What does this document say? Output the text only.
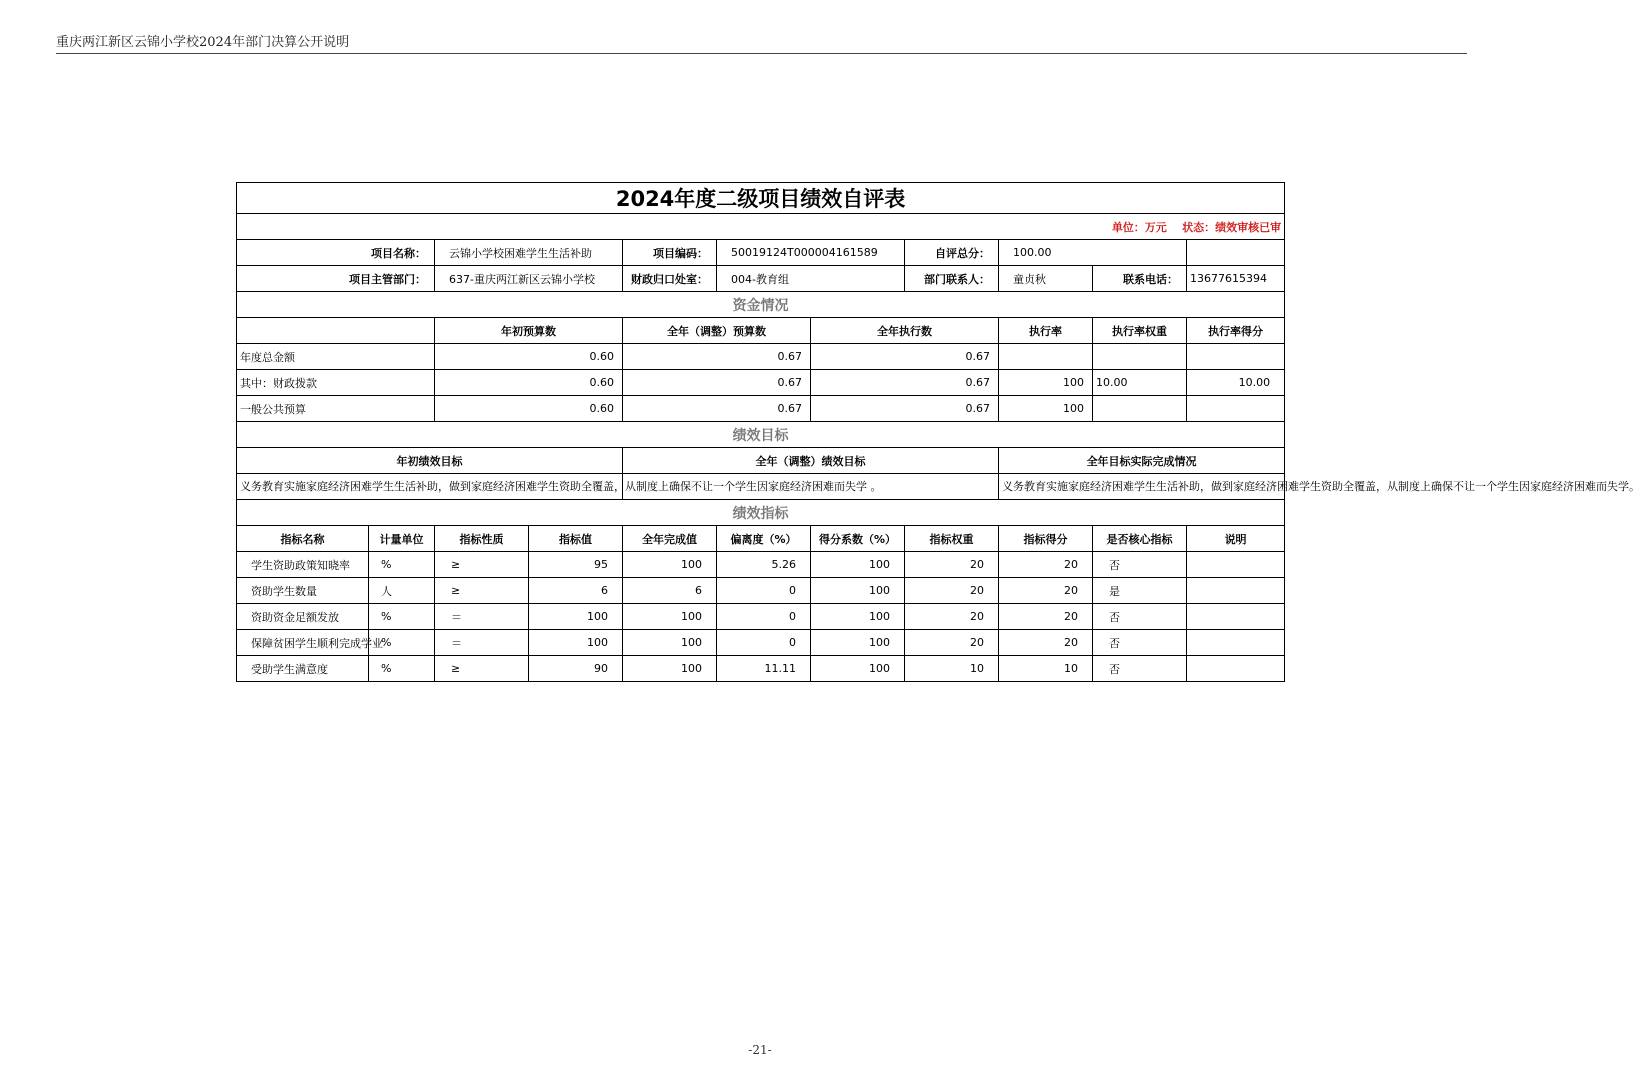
重庆两江新区云锦小学校2024年部门决算公开说明
2024年度二级项目绩效自评表										
单位：万元    状态：绩效审核已审										
项目名称：		云锦小学校困难学生生活补助		项目编码：	50019124T000004161589		自评总分：	100.00		
项目主管部门：		637-重庆两江新区云锦小学校		财政归口处室：	004-教育组		部门联系人：	童贞秋	联系电话：	13677615394
资金情况										
		年初预算数		全年（调整）预算数		全年执行数		执行率	执行率权重	执行率得分
年度总金额		0.60		0.67		0.67				
其中：财政拨款		0.60		0.67		0.67		100	10.00	10.00
一般公共预算		0.60		0.67		0.67		100		
绩效目标										
年初绩效目标				全年（调整）绩效目标				全年目标实际完成情况		
义务教育实施家庭经济困难学生生活补助，做到家庭经济困难学生资助全覆盖，从制度上确保不让一个学生因家庭经济困难而失学 。								义务教育实施家庭经济困难学生生活补助，做到家庭经济困难学生资助全覆盖，从制度上确保不让一个学生因家庭经济困难而失学。		
绩效指标										
指标名称	计量单位	指标性质	指标值	全年完成值	偏离度（%）	得分系数（%）	指标权重	指标得分	是否核心指标	说明
学生资助政策知晓率	%	≥	95	100	5.26	100	20	20	否	
资助学生数量	人	≥	6	6	0	100	20	20	是	
资助资金足额发放	%	＝	100	100	0	100	20	20	否	
保障贫困学生顺利完成学业	%	＝	100	100	0	100	20	20	否	
受助学生满意度	%	≥	90	100	11.11	100	10	10	否	
-21-
